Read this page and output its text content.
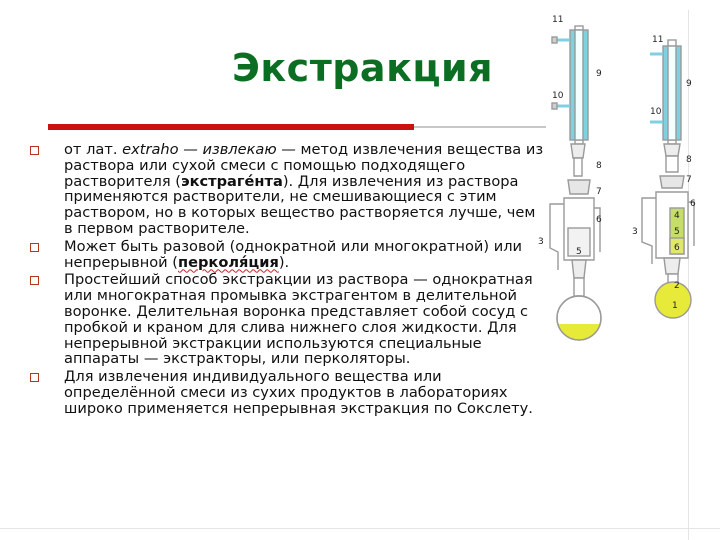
Экстракция
от лат. extraho — извлекаю — метод извлечения вещества из раствора или сухой смеси с помощью подходящего растворителя (экстраге́нта). Для извлечения из раствора применяются растворители, не смешивающиеся с этим раствором, но в которых вещество растворяется лучше, чем в первом растворителе.
Может быть разовой (однократной или многократной) или непрерывной (перколя́ция).
Простейший способ экстракции из раствора — однократная или многократная промывка экстрагентом в делительной воронке. Делительная воронка представляет собой сосуд с пробкой и краном для слива нижнего слоя жидкости. Для непрерывной экстракции используются специальные аппараты — экстракторы, или перколяторы.
Для извлечения индивидуального вещества или определённой смеси из сухих продуктов в лабораториях широко применяется непрерывная экстракция по Сокслету.
11
9
10
8
7
6
5
3
11
9
10
8
7
6
4
5
6
3
2
1
